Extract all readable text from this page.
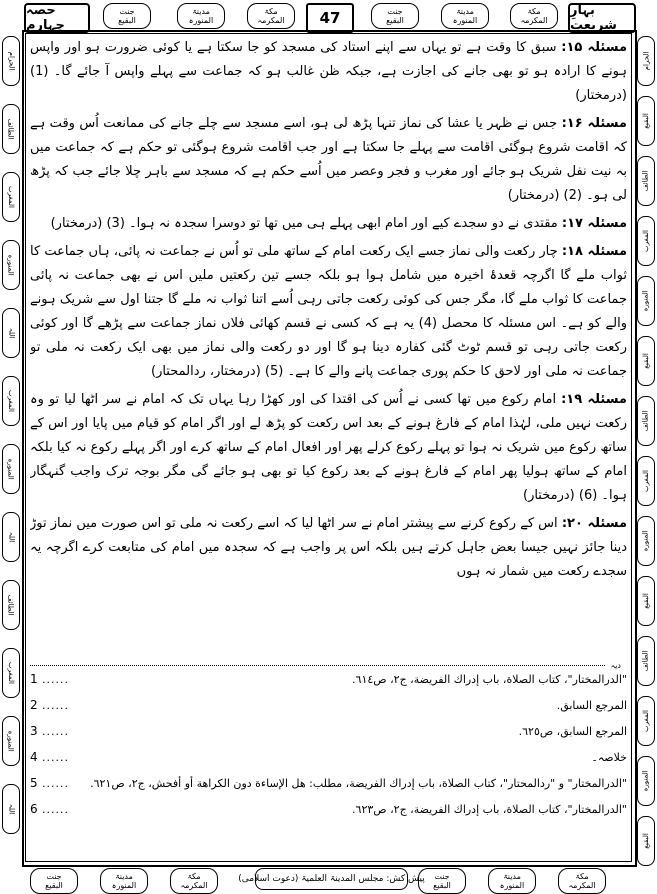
حصہ چہارم
جنت
البقیع
مدینۃ
المنورہ
مکۃ
المکرمہ	47	جنت
البقیع
مدینۃ
المنورہ
مکۃ
المکرمہ
بہارِ شریعت
الحرام
الطائف
المغرب
المنورہ
اللہ
المغرب
المنورہ
اللہ
الطائف
المغرب
المنورہ
اللہ
الحرام
البقیع
الطائف
المغرب
المنورہ
البقیع
الطائف
المغرب
المنورہ
البقیع
الطائف
المغرب
المنورہ
البقیع

مسئلہ ۱۵: سبق کا وقت ہے تو یہاں سے اپنے استاد کی مسجد کو جا سکتا ہے یا کوئی ضرورت ہو اور واپس ہونے کا ارادہ ہو تو بھی جانے کی اجازت ہے، جبکہ ظن غالب ہو کہ جماعت سے پہلے واپس آ جائے گا۔ (1) (درمختار)

مسئلہ ۱۶: جس نے ظہر یا عشا کی نماز تنہا پڑھ لی ہو، اسے مسجد سے چلے جانے کی ممانعت اُس وقت ہے کہ اقامت شروع ہوگئی اقامت سے پہلے جا سکتا ہے اور جب اقامت شروع ہوگئی تو حکم ہے کہ جماعت میں بہ نیت نفل شریک ہو جائے اور مغرب و فجر وعصر میں اُسے حکم ہے کہ مسجد سے باہر چلا جائے جب کہ پڑھ لی ہو۔ (2) (درمختار)

مسئلہ ۱۷: مقتدی نے دو سجدے کیے اور امام ابھی پہلے ہی میں تھا تو دوسرا سجدہ نہ ہوا۔ (3) (درمختار)

مسئلہ ۱۸: چار رکعت والی نماز جسے ایک رکعت امام کے ساتھ ملی تو اُس نے جماعت نہ پائی، ہاں جماعت کا ثواب ملے گا اگرچہ قعدۂ اخیرہ میں شامل ہوا ہو بلکہ جسے تین رکعتیں ملیں اس نے بھی جماعت نہ پائی جماعت کا ثواب ملے گا، مگر جس کی کوئی رکعت جاتی رہی اُسے اتنا ثواب نہ ملے گا جتنا اول سے شریک ہونے والے کو ہے۔ اس مسئلہ کا محصل (4) یہ ہے کہ کسی نے قسم کھائی فلاں نماز جماعت سے پڑھے گا اور کوئی رکعت جاتی رہی تو قسم ٹوٹ گئی کفارہ دینا ہو گا اور دو رکعت والی نماز میں بھی ایک رکعت نہ ملی تو جماعت نہ ملی اور لاحق کا حکم پوری جماعت پانے والے کا ہے۔ (5) (درمختار، ردالمحتار)

مسئلہ ۱۹: امام رکوع میں تھا کسی نے اُس کی اقتدا کی اور کھڑا رہا یہاں تک کہ امام نے سر اٹھا لیا تو وہ رکعت نہیں ملی، لہٰذا امام کے فارغ ہونے کے بعد اس رکعت کو پڑھ لے اور اگر امام کو قیام میں پایا اور اس کے ساتھ رکوع میں شریک نہ ہوا تو پہلے رکوع کرلے پھر اور افعال امام کے ساتھ کرے اور اگر پہلے رکوع نہ کیا بلکہ امام کے ساتھ ہولیا پھر امام کے فارغ ہونے کے بعد رکوع کیا تو بھی ہو جائے گی مگر بوجہ ترک واجب گنہگار ہوا۔ (6) (درمختار)

مسئلہ ۲۰: اس کے رکوع کرنے سے پیشتر امام نے سر اٹھا لیا کہ اسے رکعت نہ ملی تو اس صورت میں نماز توڑ دینا جائز نہیں جیسا بعض جاہل کرتے ہیں بلکہ اس پر واجب ہے کہ سجدہ میں امام کی متابعت کرے اگرچہ یہ سجدے رکعت میں شمار نہ ہوں

دیہ
1 ......	"الدرالمختار"، كتاب الصلاة، باب إدراك الفريضة، ج٢، ص٦١٤.
2 ......	المرجع السابق.
3 ......	المرجع السابق، ص٦٢٥.
4 ......	خلاصہ۔
5 ......	"الدرالمختار" و "ردالمحتار"، كتاب الصلاة، باب إدراك الفريضة، مطلب: هل الإساءة دون الكراهة أو أفحش، ج٢، ص٦٢١.
6 ......	"الدرالمختار"، كتاب الصلاة، باب إدراك الفريضة، ج٢، ص٦٢٣.
جنت
البقیع
مدینۃ
المنورہ
مکۃ
المکرمہ
پیش کش: مجلس المدینۃ العلمیۃ (دعوت اسلامی) جنت
البقیع
مدینۃ
المنورہ
مکۃ
المکرمہ
